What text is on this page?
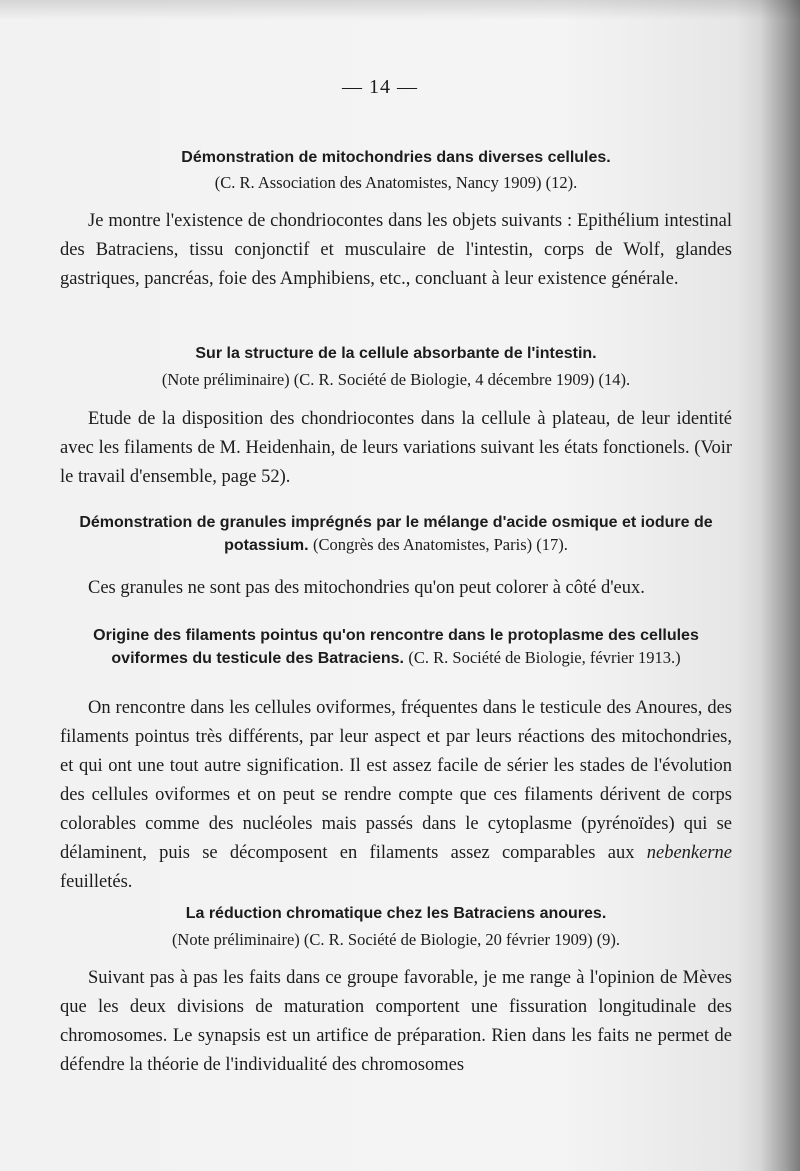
— 14 —
Démonstration de mitochondries dans diverses cellules.
(C. R. Association des Anatomistes, Nancy 1909) (12).
Je montre l'existence de chondriocontes dans les objets suivants : Epithélium intestinal des Batraciens, tissu conjonctif et musculaire de l'intestin, corps de Wolf, glandes gastriques, pancréas, foie des Amphibiens, etc., concluant à leur existence générale.
Sur la structure de la cellule absorbante de l'intestin.
(Note préliminaire) (C. R. Société de Biologie, 4 décembre 1909) (14).
Etude de la disposition des chondriocontes dans la cellule à plateau, de leur identité avec les filaments de M. Heidenhain, de leurs variations suivant les états fonctionels. (Voir le travail d'ensemble, page 52).
Démonstration de granules imprégnés par le mélange d'acide osmique et iodure de potassium. (Congrès des Anatomistes, Paris) (17).
Ces granules ne sont pas des mitochondries qu'on peut colorer à côté d'eux.
Origine des filaments pointus qu'on rencontre dans le protoplasme des cellules oviformes du testicule des Batraciens. (C. R. Société de Biologie, février 1913.)
On rencontre dans les cellules oviformes, fréquentes dans le testicule des Anoures, des filaments pointus très différents, par leur aspect et par leurs réactions des mitochondries, et qui ont une tout autre signification. Il est assez facile de sérier les stades de l'évolution des cellules oviformes et on peut se rendre compte que ces filaments dérivent de corps colorables comme des nucléoles mais passés dans le cytoplasme (pyrénoïdes) qui se délaminent, puis se décomposent en filaments assez comparables aux nebenkerne feuilletés.
La réduction chromatique chez les Batraciens anoures.
(Note préliminaire) (C. R. Société de Biologie, 20 février 1909) (9).
Suivant pas à pas les faits dans ce groupe favorable, je me range à l'opinion de Mèves que les deux divisions de maturation comportent une fissuration longitudinale des chromosomes. Le synapsis est un artifice de préparation. Rien dans les faits ne permet de défendre la théorie de l'individualité des chromosomes
